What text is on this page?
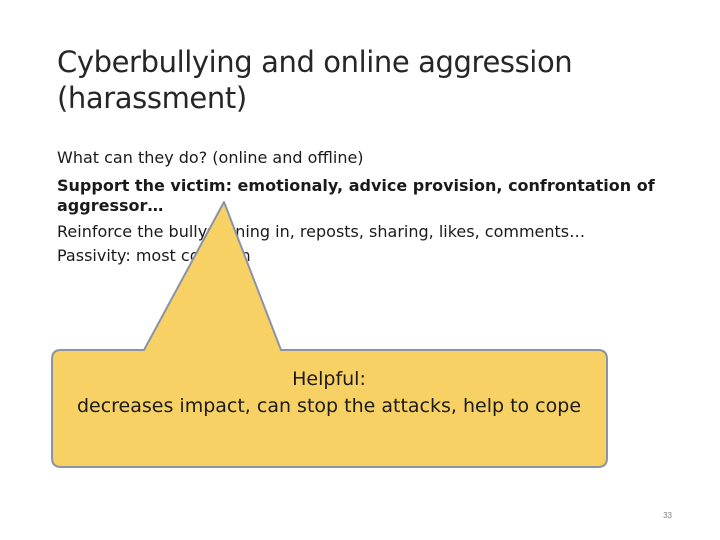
Cyberbullying and online aggression
(harassment)

What can they do? (online and offline)

Support the victim: emotionaly, advice provision, confrontation of aggressor…

Reinforce the bully: joining in, reposts, sharing, likes, comments…

Passivity: most common

Helpful:
decreases impact, can stop the attacks, help to cope
33
